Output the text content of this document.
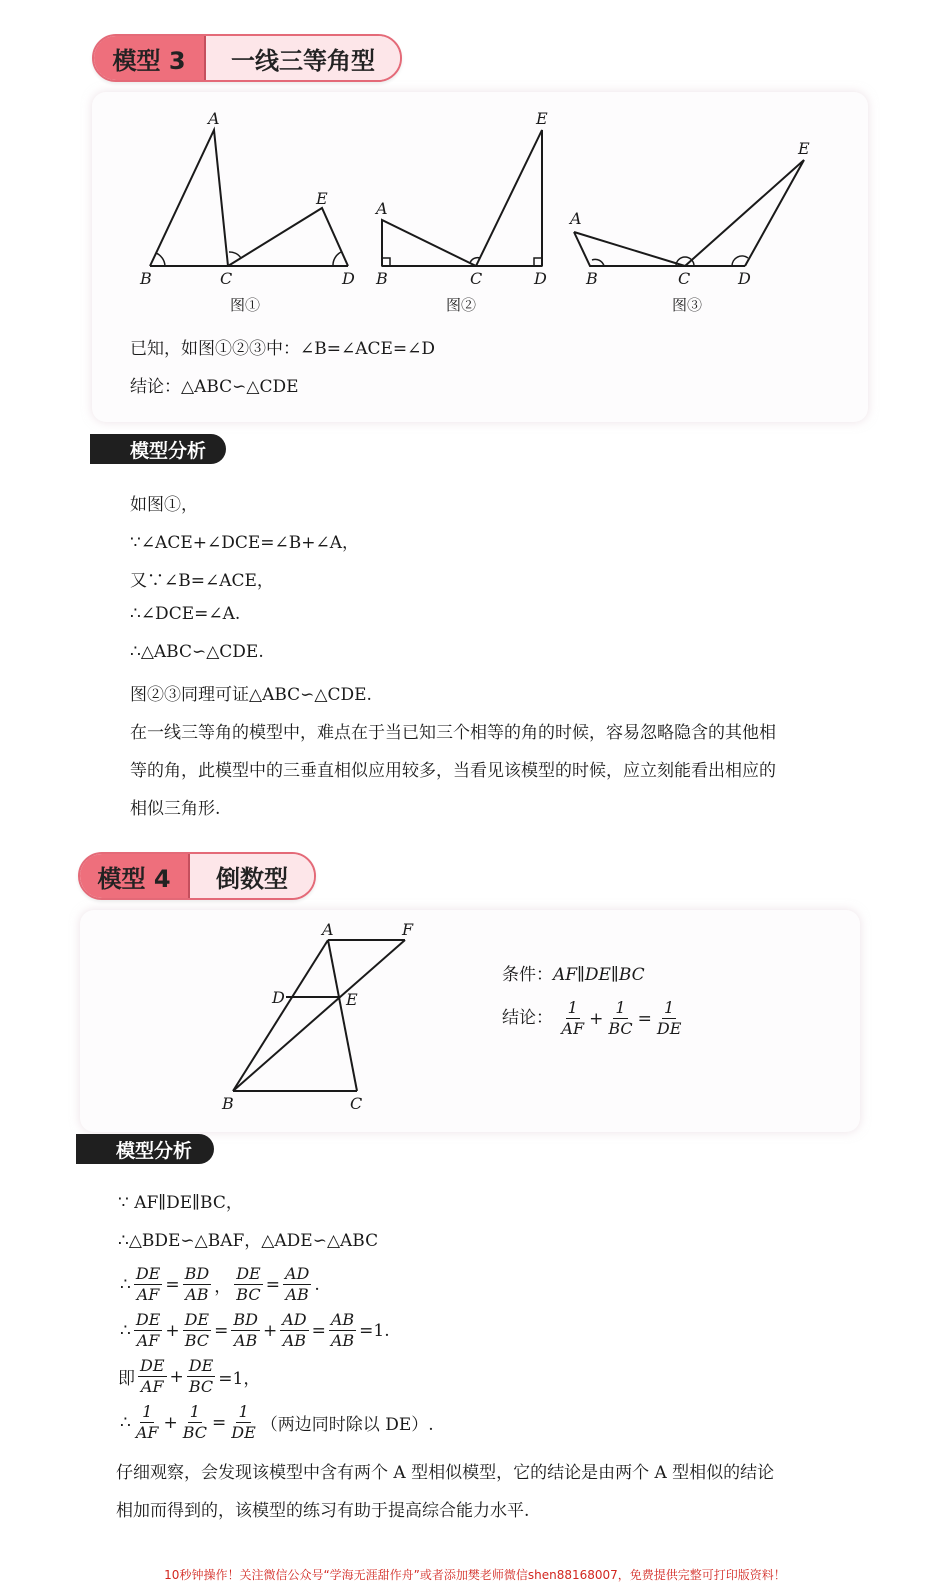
模型 3	一线三等角型
A
B	C	D
E
图①
A
B	C	D
E
图②
A
B	C	D
E
图③
已知，如图①②③中：∠B=∠ACE=∠D
结论：△ABC∽△CDE
模型分析
如图①，
∵∠ACE+∠DCE=∠B+∠A，
又∵∠B=∠ACE，
∴∠DCE=∠A.
∴△ABC∽△CDE.
图②③同理可证△ABC∽△CDE.
在一线三等角的模型中，难点在于当已知三个相等的角的时候，容易忽略隐含的其他相
等的角，此模型中的三垂直相似应用较多，当看见该模型的时候，应立刻能看出相应的
相似三角形.
模型 4	倒数型
A	F
D	E
B	C
条件：AF∥DE∥BC
结论： $\frac{1}{AF} + \frac{1}{BC} = \frac{1}{DE}$
模型分析
∵ AF∥DE∥BC，
∴△BDE∽△BAF，△ADE∽△ABC
∴ $\frac{DE}{AF} = \frac{BD}{AB}$ ， $\frac{DE}{BC} = \frac{AD}{AB}$ .
∴ $\frac{DE}{AF} + \frac{DE}{BC} = \frac{BD}{AB} + \frac{AD}{AB} = \frac{AB}{AB} =1$.
即 $\frac{DE}{AF} + \frac{DE}{BC} =1$，
∴ $\frac{1}{AF} + \frac{1}{BC} = \frac{1}{DE}$ （两边同时除以 DE）.
仔细观察，会发现该模型中含有两个 A 型相似模型，它的结论是由两个 A 型相似的结论
相加而得到的，该模型的练习有助于提高综合能力水平.
10秒钟操作！关注微信公众号“学海无涯甜作舟”或者添加樊老师微信shen88168007，免费提供完整可打印版资料！
